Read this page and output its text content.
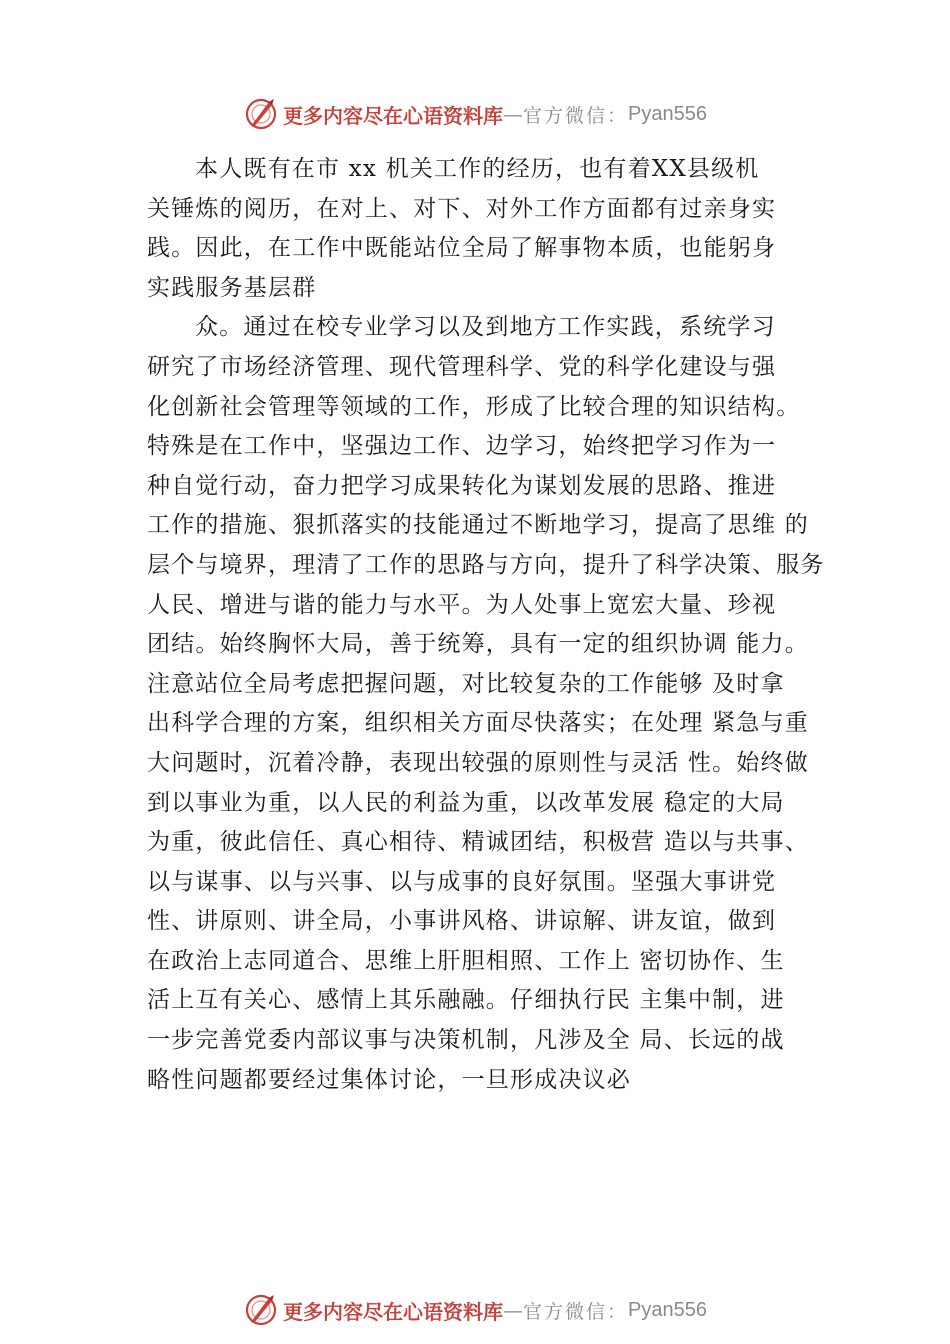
更多内容尽在心语资料库 — 官方微信： Pyan556
本人既有在市 xx 机关工作的经历，也有着XX县级机
关锤炼的阅历，在对上、对下、对外工作方面都有过亲身实
践。因此，在工作中既能站位全局了解事物本质，也能躬身
实践服务基层群
众。通过在校专业学习以及到地方工作实践，系统学习
研究了市场经济管理、现代管理科学、党的科学化建设与强
化创新社会管理等领域的工作，形成了比较合理的知识结构。
特殊是在工作中，坚强边工作、边学习，始终把学习作为一
种自觉行动，奋力把学习成果转化为谋划发展的思路、推进
工作的措施、狠抓落实的技能通过不断地学习，提高了思维 的
层个与境界，理清了工作的思路与方向，提升了科学决策、服务
人民、增进与谐的能力与水平。为人处事上宽宏大量、珍视
团结。始终胸怀大局，善于统筹，具有一定的组织协调 能力。
注意站位全局考虑把握问题，对比较复杂的工作能够 及时拿
出科学合理的方案，组织相关方面尽快落实；在处理 紧急与重
大问题时，沉着冷静，表现出较强的原则性与灵活 性。始终做
到以事业为重，以人民的利益为重，以改革发展 稳定的大局
为重，彼此信任、真心相待、精诚团结，积极营 造以与共事、
以与谋事、以与兴事、以与成事的良好氛围。坚强大事讲党
性、讲原则、讲全局，小事讲风格、讲谅解、讲友谊，做到
在政治上志同道合、思维上肝胆相照、工作上 密切协作、生
活上互有关心、感情上其乐融融。仔细执行民 主集中制，进
一步完善党委内部议事与决策机制，凡涉及全 局、长远的战
略性问题都要经过集体讨论，一旦形成决议必
更多内容尽在心语资料库 — 官方微信： Pyan556
